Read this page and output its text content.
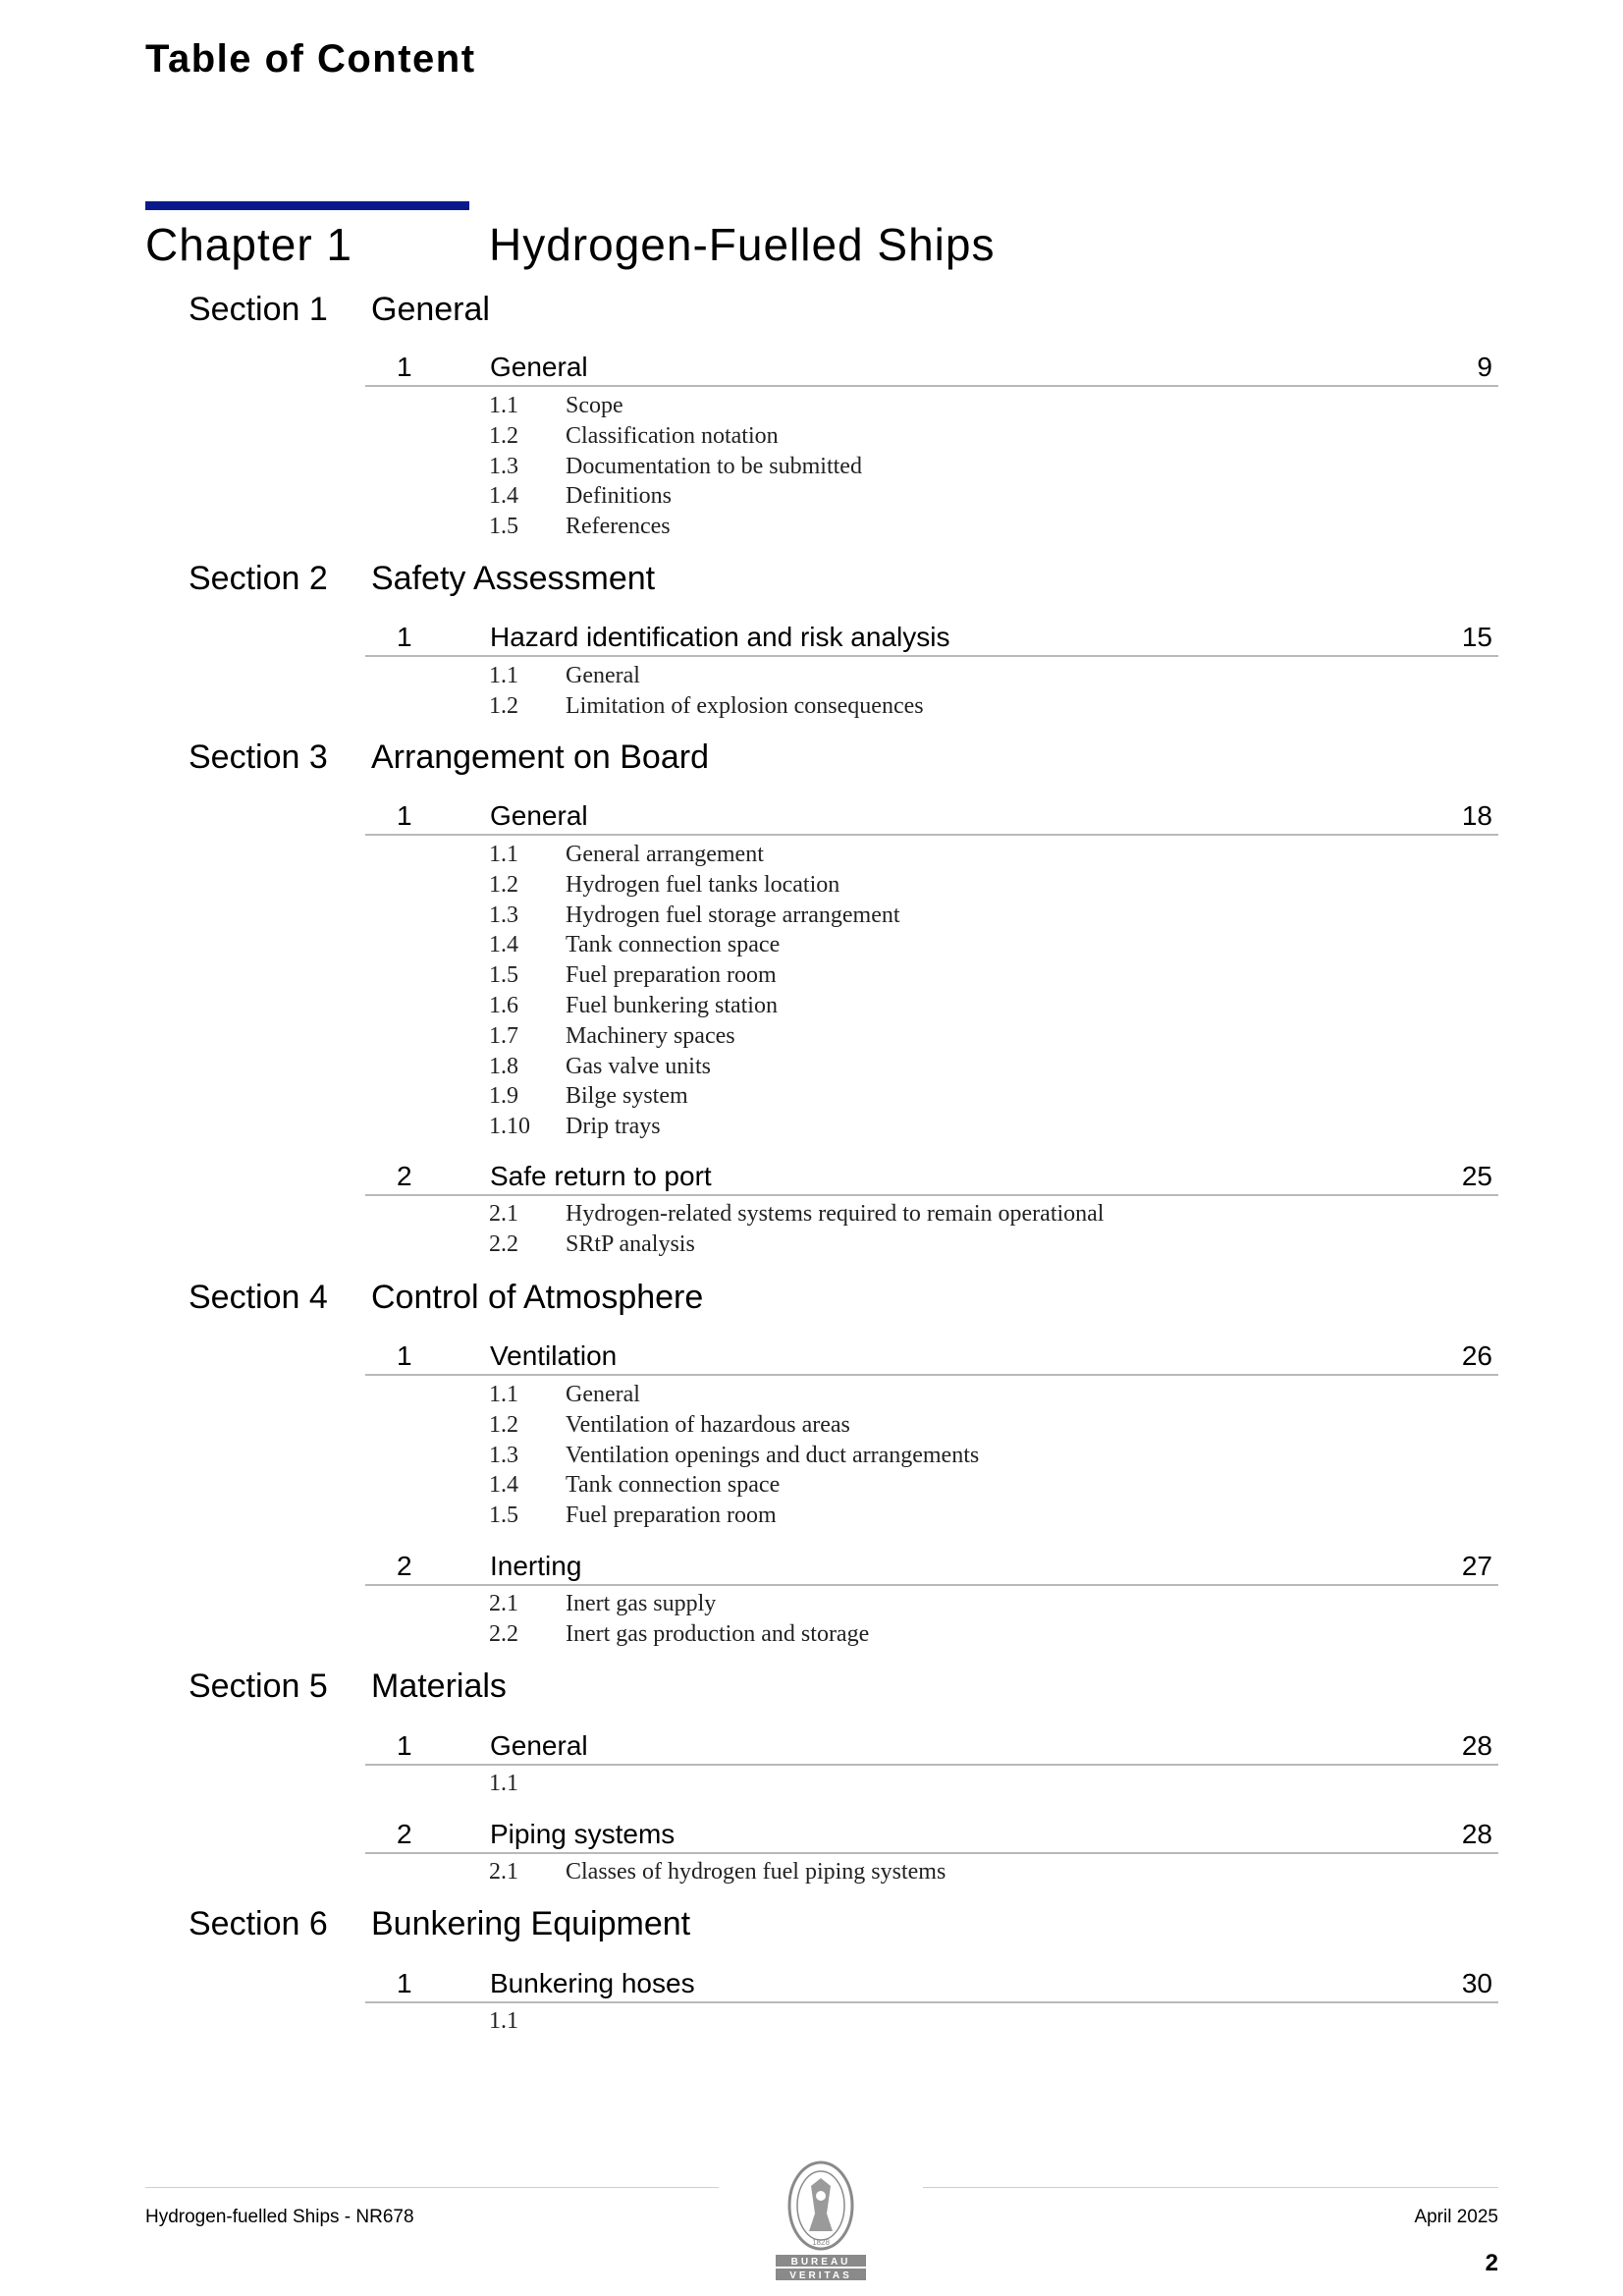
Table of Content
Chapter 1	Hydrogen-Fuelled Ships
Section 1 General
1	General	9
1.1 Scope
1.2 Classification notation
1.3 Documentation to be submitted
1.4 Definitions
1.5 References
Section 2 Safety Assessment
1	Hazard identification and risk analysis	15
1.1 General
1.2 Limitation of explosion consequences
Section 3 Arrangement on Board
1	General	18
1.1 General arrangement
1.2 Hydrogen fuel tanks location
1.3 Hydrogen fuel storage arrangement
1.4 Tank connection space
1.5 Fuel preparation room
1.6 Fuel bunkering station
1.7 Machinery spaces
1.8 Gas valve units
1.9 Bilge system
1.10 Drip trays
2	Safe return to port	25
2.1 Hydrogen-related systems required to remain operational
2.2 SRtP analysis
Section 4 Control of Atmosphere
1	Ventilation	26
1.1 General
1.2 Ventilation of hazardous areas
1.3 Ventilation openings and duct arrangements
1.4 Tank connection space
1.5 Fuel preparation room
2	Inerting	27
2.1 Inert gas supply
2.2 Inert gas production and storage
Section 5 Materials
1	General	28
1.1
2	Piping systems	28
2.1 Classes of hydrogen fuel piping systems
Section 6 Bunkering Equipment
1	Bunkering hoses	30
1.1
Hydrogen-fuelled Ships - NR678	April 2025
2
BUREAU
VERITAS
1828
